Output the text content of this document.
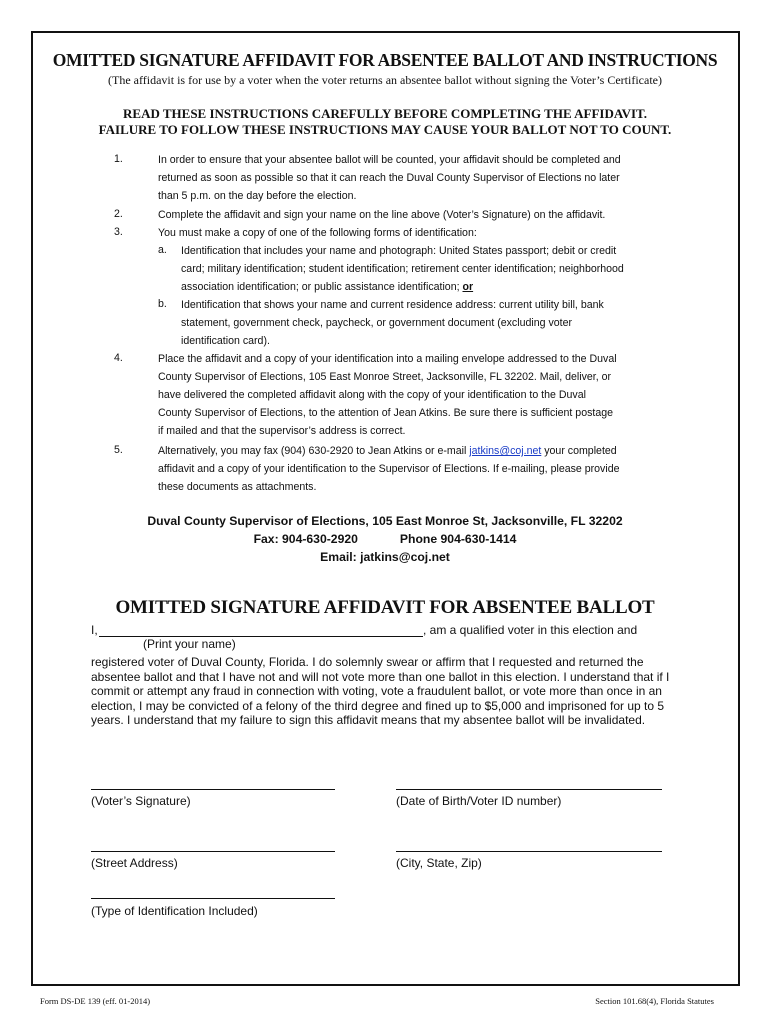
OMITTED SIGNATURE AFFIDAVIT FOR ABSENTEE BALLOT AND INSTRUCTIONS
(The affidavit is for use by a voter when the voter returns an absentee ballot without signing the Voter’s Certificate)
READ THESE INSTRUCTIONS CAREFULLY BEFORE COMPLETING THE AFFIDAVIT.
FAILURE TO FOLLOW THESE INSTRUCTIONS MAY CAUSE YOUR BALLOT NOT TO COUNT.
1.	In order to ensure that your absentee ballot will be counted, your affidavit should be completed and
returned as soon as possible so that it can reach the Duval County Supervisor of Elections no later
than 5 p.m. on the day before the election.
2.	Complete the affidavit and sign your name on the line above (Voter’s Signature) on the affidavit.
3.	You must make a copy of one of the following forms of identification:
a. Identification that includes your name and photograph: United States passport; debit or credit
card; military identification; student identification; retirement center identification; neighborhood
association identification; or public assistance identification; or
b. Identification that shows your name and current residence address: current utility bill, bank
statement, government check, paycheck, or government document (excluding voter
identification card).
4.	Place the affidavit and a copy of your identification into a mailing envelope addressed to the Duval
County Supervisor of Elections, 105 East Monroe Street, Jacksonville, FL 32202. Mail, deliver, or
have delivered the completed affidavit along with the copy of your identification to the Duval
County Supervisor of Elections, to the attention of Jean Atkins. Be sure there is sufficient postage
if mailed and that the supervisor’s address is correct.
5.	Alternatively, you may fax (904) 630-2920 to Jean Atkins or e-mail jatkins@coj.net your completed
affidavit and a copy of your identification to the Supervisor of Elections. If e-mailing, please provide
these documents as attachments.
Duval County Supervisor of Elections, 105 East Monroe St, Jacksonville, FL 32202
Fax: 904-630-2920	Phone 904-630-1414
Email: jatkins@coj.net
OMITTED SIGNATURE AFFIDAVIT FOR ABSENTEE BALLOT
I,	, am a qualified voter in this election and
(Print your name)
registered voter of Duval County, Florida. I do solemnly swear or affirm that I requested and returned the
absentee ballot and that I have not and will not vote more than one ballot in this election. I understand that if I
commit or attempt any fraud in connection with voting, vote a fraudulent ballot, or vote more than once in an
election, I may be convicted of a felony of the third degree and fined up to $5,000 and imprisoned for up to 5
years. I understand that my failure to sign this affidavit means that my absentee ballot will be invalidated.
(Voter’s Signature)	(Date of Birth/Voter ID number)
(Street Address)	(City, State, Zip)
(Type of Identification Included)
Form DS-DE 139 (eff. 01-2014)	Section 101.68(4), Florida Statutes
